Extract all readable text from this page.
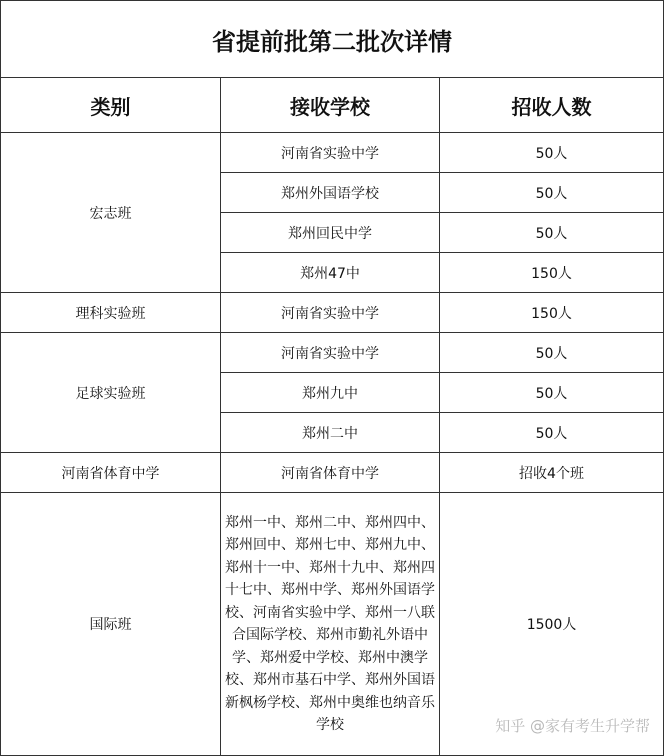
省提前批第二批次详情		
类别	接收学校	招收人数
宏志班	河南省实验中学	50人
	郑州外国语学校	50人
	郑州回民中学	50人
	郑州47中	150人
理科实验班	河南省实验中学	150人
足球实验班	河南省实验中学	50人
	郑州九中	50人
	郑州二中	50人
河南省体育中学	河南省体育中学	招收4个班
国际班	郑州一中、郑州二中、郑州四中、郑州回中、郑州七中、郑州九中、郑州十一中、郑州十九中、郑州四十七中、郑州中学、郑州外国语学校、河南省实验中学、郑州一八联合国际学校、郑州市勤礼外语中学、郑州爱中学校、郑州中澳学校、郑州市基石中学、郑州外国语新枫杨学校、郑州中奥维也纳音乐学校	1500人
知乎 @家有考生升学帮
